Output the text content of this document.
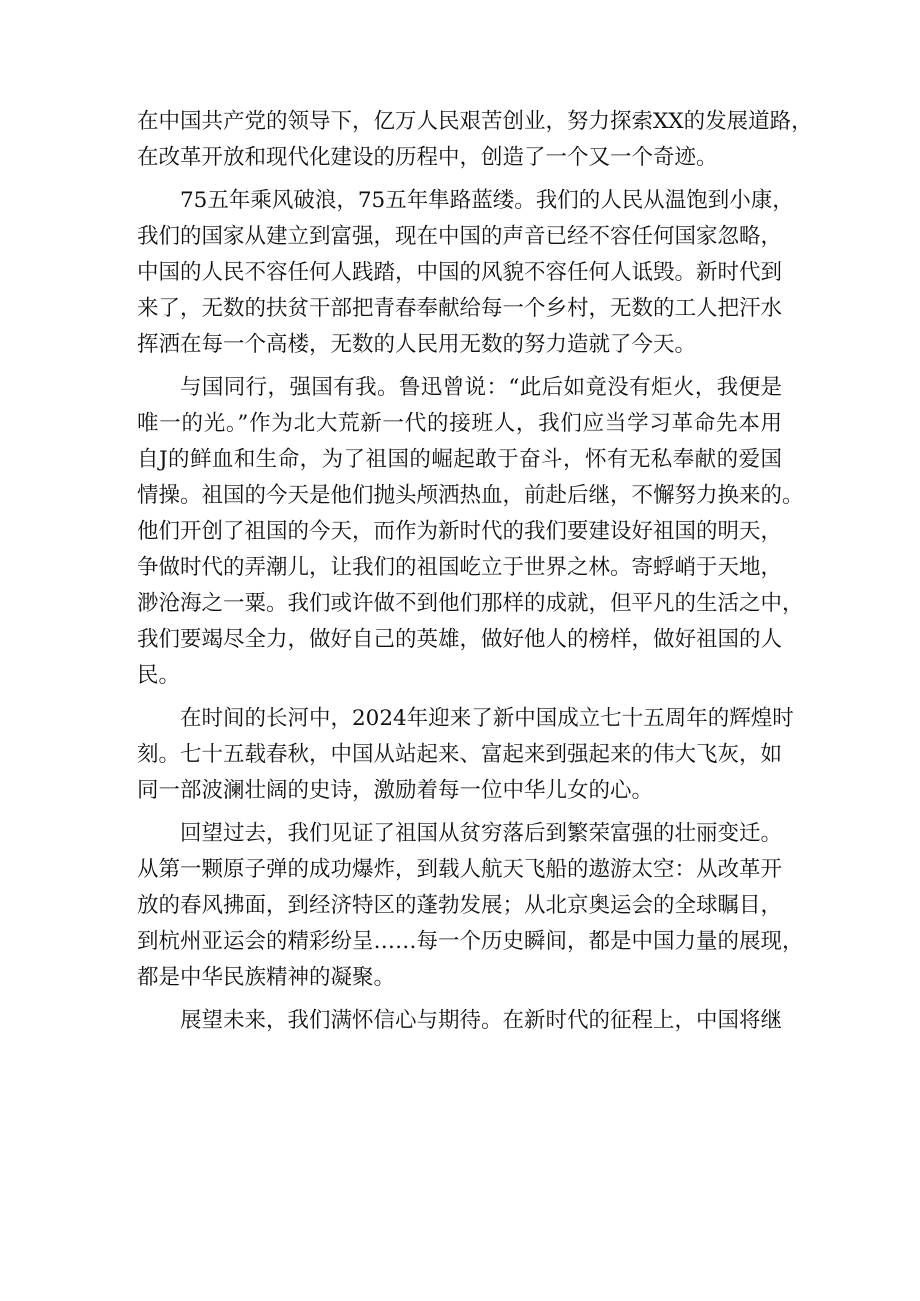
在中国共产党的领导下，亿万人民艰苦创业，努力探索XX的发展道路，
在改革开放和现代化建设的历程中，创造了一个又一个奇迹。
75五年乘风破浪，75五年隼路蓝缕。我们的人民从温饱到小康，
我们的国家从建立到富强，现在中国的声音已经不容任何国家忽略，
中国的人民不容任何人践踏，中国的风貌不容任何人诋毁。新时代到
来了，无数的扶贫干部把青春奉献给每一个乡村，无数的工人把汗水
挥洒在每一个高楼，无数的人民用无数的努力造就了今天。
与国同行，强国有我。鲁迅曾说：“此后如竟没有炬火，我便是
唯一的光。”作为北大荒新一代的接班人，我们应当学习革命先本用
自J的鲜血和生命，为了祖国的崛起敢于奋斗，怀有无私奉献的爱国
情操。祖国的今天是他们抛头颅洒热血，前赴后继，不懈努力换来的。
他们开创了祖国的今天，而作为新时代的我们要建设好祖国的明天，
争做时代的弄潮儿，让我们的祖国屹立于世界之林。寄蜉峭于天地，
渺沧海之一粟。我们或许做不到他们那样的成就，但平凡的生活之中，
我们要竭尽全力，做好自己的英雄，做好他人的榜样，做好祖国的人
民。
在时间的长河中，2024年迎来了新中国成立七十五周年的辉煌时
刻。七十五载春秋，中国从站起来、富起来到强起来的伟大飞灰，如
同一部波澜壮阔的史诗，激励着每一位中华儿女的心。
回望过去，我们见证了祖国从贫穷落后到繁荣富强的壮丽变迁。
从第一颗原子弹的成功爆炸，到载人航天飞船的遨游太空：从改革开
放的春风拂面，到经济特区的蓬勃发展；从北京奥运会的全球瞩目，
到杭州亚运会的精彩纷呈……每一个历史瞬间，都是中国力量的展现，
都是中华民族精神的凝聚。
展望未来，我们满怀信心与期待。在新时代的征程上，中国将继
